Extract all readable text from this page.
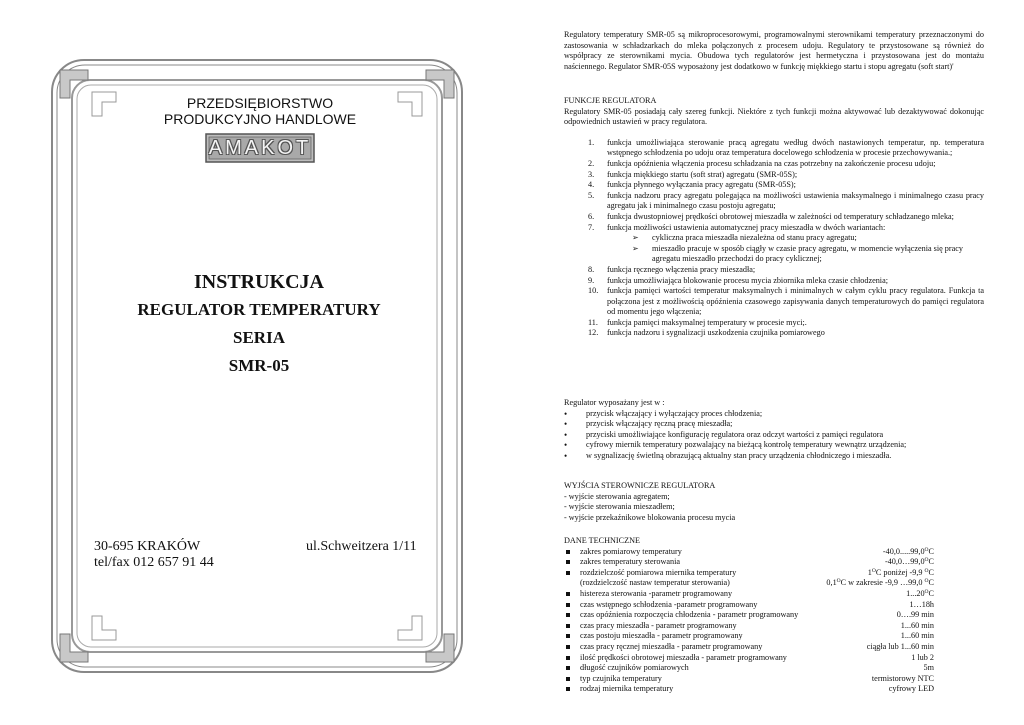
PRZEDSIĘBIORSTWO
PRODUKCYJNO HANDLOWE
AMAKOT
INSTRUKCJA
REGULATOR TEMPERATURY
SERIA
SMR-05
30-695 KRAKÓW
tel/fax 012 657 91 44
ul.Schweitzera 1/11
Regulatory temperatury SMR-05 są mikroprocesorowymi, programowalnymi sterownikami temperatury przeznaczonymi do zastosowania w schładzarkach do mleka połączonych z procesem udoju. Regulatory te przystosowane są również do współpracy ze sterownikami mycia. Obudowa tych regulatorów jest hermetyczna i przystosowana jest do montażu naściennego. Regulator SMR-05S wyposażony jest dodatkowo w funkcję miękkiego startu i stopu agregatu (soft start)'
FUNKCJE REGULATORA
Regulatory SMR-05 posiadają cały szereg funkcji. Niektóre z tych funkcji można aktywować lub dezaktywować dokonując odpowiednich ustawień w pracy regulatora.
1.	funkcja umożliwiająca sterowanie pracą agregatu według dwóch nastawionych temperatur, np. temperatura wstępnego schłodzenia po udoju oraz temperatura docelowego schłodzenia w procesie przechowywania.;
2.	funkcja opóźnienia włączenia procesu schładzania na czas potrzebny na zakończenie procesu udoju;
3.	funkcja miękkiego startu (soft strat) agregatu (SMR-05S);
4.	funkcja płynnego wyłączania pracy agregatu (SMR-05S);
5.	funkcja nadzoru pracy agregatu polegająca na możliwości ustawienia maksymalnego i minimalnego czasu pracy agregatu jak i minimalnego czasu postoju agregatu;
6.	funkcja dwustopniowej prędkości obrotowej mieszadła w zależności od temperatury schładzanego mleka;
7.	funkcja możliwości ustawienia automatycznej pracy mieszadła w dwóch wariantach:
➢ cykliczna praca mieszadła niezależna od stanu pracy agregatu;
➢ mieszadło pracuje w sposób ciągły w czasie pracy agregatu, w momencie wyłączenia się pracy agregatu mieszadło przechodzi do pracy cyklicznej;
8.	funkcja ręcznego włączenia pracy mieszadła;
9.	funkcja umożliwiająca blokowanie procesu mycia zbiornika mleka czasie chłodzenia;
10.	funkcja pamięci wartości temperatur maksymalnych i minimalnych w całym cyklu pracy regulatora. Funkcja ta połączona jest z możliwością opóźnienia czasowego zapisywania danych temperaturowych do pamięci regulatora od momentu jego włączenia;
11.	funkcja pamięci maksymalnej temperatury w procesie myci;.
12.	funkcja nadzoru i sygnalizacji uszkodzenia czujnika pomiarowego
Regulator wyposażany jest w :
• przycisk włączający i wyłączający proces chłodzenia;
• przycisk włączający ręczną pracę mieszadła;
• przyciski umożliwiające konfigurację regulatora oraz odczyt wartości z pamięci regulatora
• cyfrowy miernik temperatury pozwalający na bieżącą kontrolę temperatury wewnątrz urządzenia;
• w sygnalizację świetlną obrazującą aktualny stan pracy urządzenia chłodniczego i mieszadła.
WYJŚCIA STEROWNICZE REGULATORA
- wyjście sterowania agregatem;
- wyjście sterowania mieszadłem;
- wyjście przekaźnikowe blokowania procesu mycia
DANE TECHNICZNE
zakres pomiarowy temperatury	$-40,0.....99,0^OC$
zakres temperatury sterowania	$-40,0\dots 99,0^OC$
rozdzielczość pomiarowa miernika temperatury	$1^OC$ poniżej -9,9 $^O$C
(rozdzielczość nastaw temperatur sterowania)	$0,1^OC$ w zakresie -9,9 …99,0 $^O$C
histereza sterowania -parametr programowany	$1...20^OC$
czas wstępnego schłodzenia -parametr programowany	1…18h
czas opóźnienia rozpoczęcia chłodzenia - parametr programowany	0….99 min
czas pracy mieszadła - parametr programowany	1...60 min
czas postoju mieszadła - parametr programowany	1...60 min
czas pracy ręcznej mieszadła - parametr programowany	ciągła lub 1...60 min
ilość prędkości obrotowej mieszadła - parametr programowany	1 lub 2
długość czujników pomiarowych	5m
typ czujnika temperatury	termistorowy NTC
rodzaj miernika temperatury	cyfrowy LED
